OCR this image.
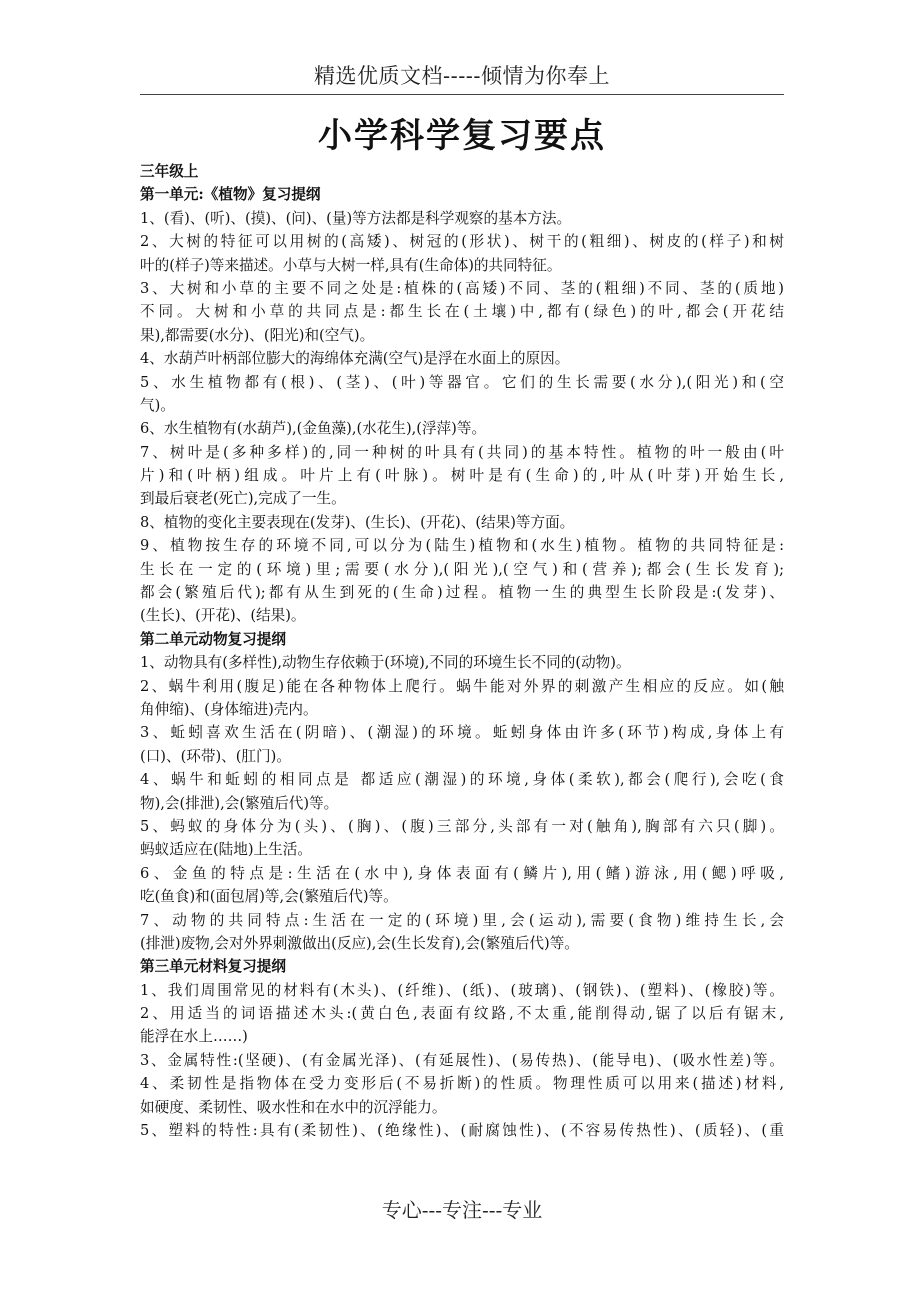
精选优质文档-----倾情为你奉上
小学科学复习要点
三年级上
第一单元:《植物》复习提纲
1、(看)、(听)、(摸)、(问)、(量)等方法都是科学观察的基本方法。
2、大树的特征可以用树的(高矮)、树冠的(形状)、树干的(粗细)、树皮的(样子)和树
叶的(样子)等来描述。小草与大树一样,具有(生命体)的共同特征。
3、大树和小草的主要不同之处是:植株的(高矮)不同、茎的(粗细)不同、茎的(质地)
不同。大树和小草的共同点是:都生长在(土壤)中,都有(绿色)的叶,都会(开花结
果),都需要(水分)、(阳光)和(空气)。
4、水葫芦叶柄部位膨大的海绵体充满(空气)是浮在水面上的原因。
5、水生植物都有(根)、(茎)、(叶)等器官。它们的生长需要(水分),(阳光)和(空
气)。
6、水生植物有(水葫芦),(金鱼藻),(水花生),(浮萍)等。
7、树叶是(多种多样)的,同一种树的叶具有(共同)的基本特性。植物的叶一般由(叶
片)和(叶柄)组成。叶片上有(叶脉)。树叶是有(生命)的,叶从(叶芽)开始生长,
到最后衰老(死亡),完成了一生。
8、植物的变化主要表现在(发芽)、(生长)、(开花)、(结果)等方面。
9、植物按生存的环境不同,可以分为(陆生)植物和(水生)植物。植物的共同特征是:
生长在一定的(环境)里;需要(水分),(阳光),(空气)和(营养);都会(生长发育);
都会(繁殖后代);都有从生到死的(生命)过程。植物一生的典型生长阶段是:(发芽)、
(生长)、(开花)、(结果)。
第二单元动物复习提纲
1、动物具有(多样性),动物生存依赖于(环境),不同的环境生长不同的(动物)。
2、蜗牛利用(腹足)能在各种物体上爬行。蜗牛能对外界的刺激产生相应的反应。如(触
角伸缩)、(身体缩进)壳内。
3、蚯蚓喜欢生活在(阴暗)、(潮湿)的环境。蚯蚓身体由许多(环节)构成,身体上有
(口)、(环带)、(肛门)。
4、蜗牛和蚯蚓的相同点是 都适应(潮湿)的环境,身体(柔软),都会(爬行),会吃(食
物),会(排泄),会(繁殖后代)等。
5、蚂蚁的身体分为(头)、(胸)、(腹)三部分,头部有一对(触角),胸部有六只(脚)。
蚂蚁适应在(陆地)上生活。
6、金鱼的特点是:生活在(水中),身体表面有(鳞片),用(鳍)游泳,用(鳃)呼吸,
吃(鱼食)和(面包屑)等,会(繁殖后代)等。
7、动物的共同特点:生活在一定的(环境)里,会(运动),需要(食物)维持生长,会
(排泄)废物,会对外界刺激做出(反应),会(生长发育),会(繁殖后代)等。
第三单元材料复习提纲
1、我们周围常见的材料有(木头)、(纤维)、(纸)、(玻璃)、(钢铁)、(塑料)、(橡胶)等。
2、用适当的词语描述木头:(黄白色,表面有纹路,不太重,能削得动,锯了以后有锯末,
能浮在水上……)
3、金属特性:(坚硬)、(有金属光泽)、(有延展性)、(易传热)、(能导电)、(吸水性差)等。
4、柔韧性是指物体在受力变形后(不易折断)的性质。物理性质可以用来(描述)材料,
如硬度、柔韧性、吸水性和在水中的沉浮能力。
5、塑料的特性:具有(柔韧性)、(绝缘性)、(耐腐蚀性)、(不容易传热性)、(质轻)、(重
专心---专注---专业
